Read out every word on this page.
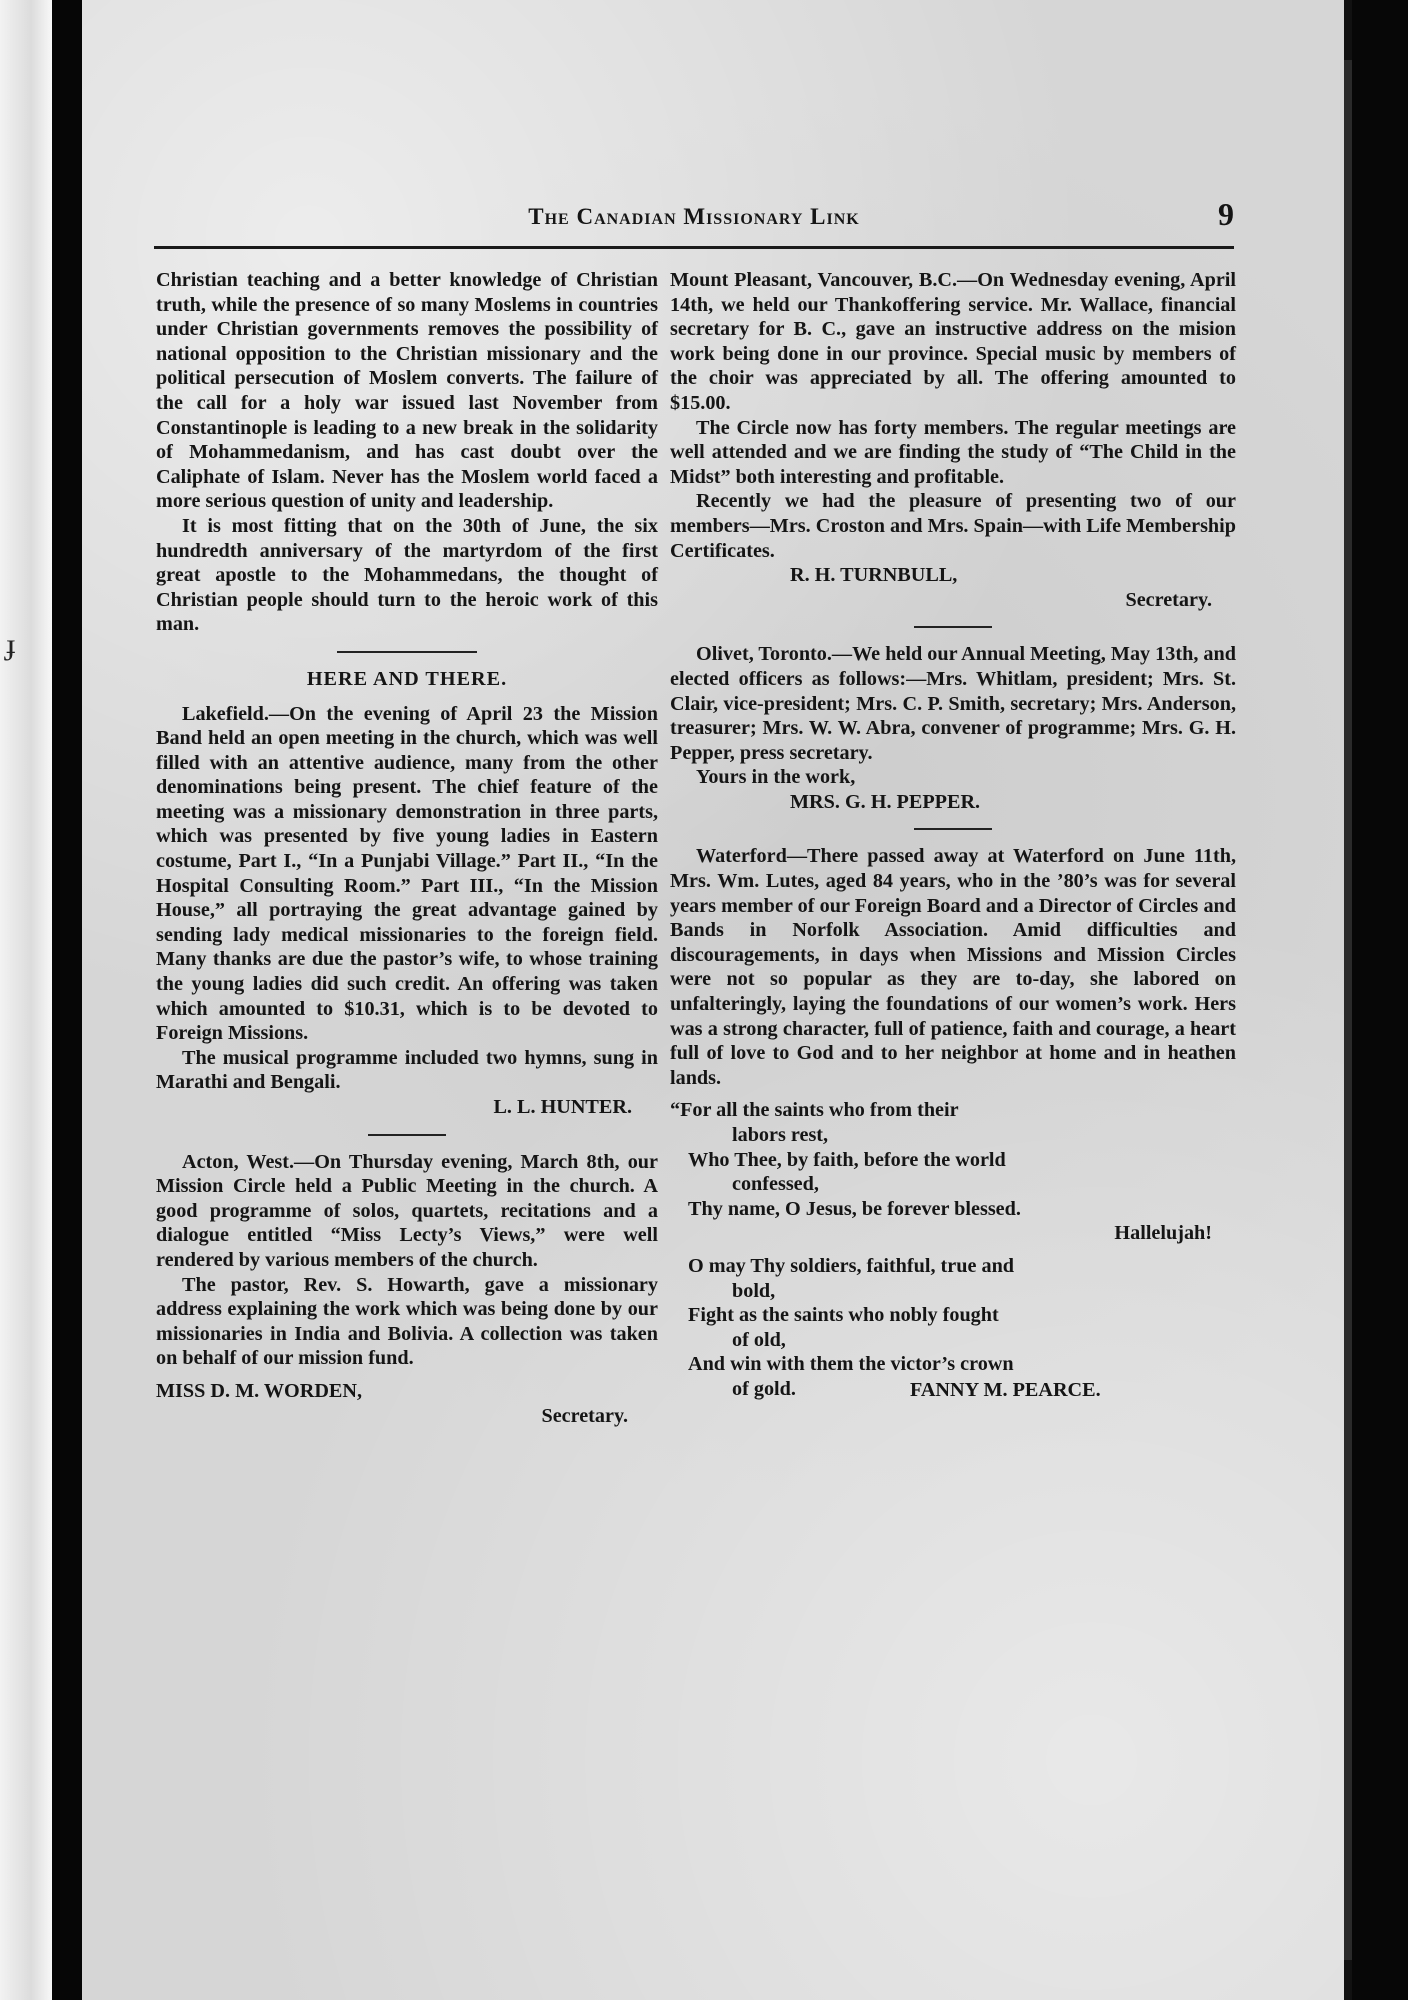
ɟ
The Canadian Missionary Link	9

Christian teaching and a better knowledge of Christian truth, while the presence of so many Moslems in countries under Christian governments removes the possibility of national opposition to the Christian missionary and the political persecution of Moslem converts. The failure of the call for a holy war issued last November from Constantinople is leading to a new break in the solidarity of Mohammedanism, and has cast doubt over the Caliphate of Islam. Never has the Moslem world faced a more serious question of unity and leadership.

It is most fitting that on the 30th of June, the six hundredth anniversary of the martyrdom of the first great apostle to the Mohammedans, the thought of Christian people should turn to the heroic work of this man.

HERE AND THERE.

Lakefield.—On the evening of April 23 the Mission Band held an open meeting in the church, which was well filled with an attentive audience, many from the other denominations being present. The chief feature of the meeting was a missionary demonstration in three parts, which was presented by five young ladies in Eastern costume, Part I., “In a Punjabi Village.” Part II., “In the Hospital Consulting Room.” Part III., “In the Mission House,” all portraying the great advantage gained by sending lady medical missionaries to the foreign field. Many thanks are due the pastor’s wife, to whose training the young ladies did such credit. An offering was taken which amounted to $10.31, which is to be devoted to Foreign Missions.

The musical programme included two hymns, sung in Marathi and Bengali.

L. L. HUNTER.

Acton, West.—On Thursday evening, March 8th, our Mission Circle held a Public Meeting in the church. A good programme of solos, quartets, recitations and a dialogue entitled “Miss Lecty’s Views,” were well rendered by various members of the church.

The pastor, Rev. S. Howarth, gave a missionary address explaining the work which was being done by our missionaries in India and Bolivia. A collection was taken on behalf of our mission fund.

MISS D. M. WORDEN,

Secretary.

Mount Pleasant, Vancouver, B.C.—On Wednesday evening, April 14th, we held our Thankoffering service. Mr. Wallace, financial secretary for B. C., gave an instructive address on the mision work being done in our province. Special music by members of the choir was appreciated by all. The offering amounted to $15.00.

The Circle now has forty members. The regular meetings are well attended and we are finding the study of “The Child in the Midst” both interesting and profitable.

Recently we had the pleasure of presenting two of our members—Mrs. Croston and Mrs. Spain—with Life Membership Certificates.

R. H. TURNBULL,

Secretary.

Olivet, Toronto.—We held our Annual Meeting, May 13th, and elected officers as follows:—Mrs. Whitlam, president; Mrs. St. Clair, vice-president; Mrs. C. P. Smith, secretary; Mrs. Anderson, treasurer; Mrs. W. W. Abra, convener of programme; Mrs. G. H. Pepper, press secretary.

Yours in the work,

MRS. G. H. PEPPER.

Waterford—There passed away at Waterford on June 11th, Mrs. Wm. Lutes, aged 84 years, who in the ’80’s was for several years member of our Foreign Board and a Director of Circles and Bands in Norfolk Association. Amid difficulties and discouragements, in days when Missions and Mission Circles were not so popular as they are to-day, she labored on unfalteringly, laying the foundations of our women’s work. Hers was a strong character, full of patience, faith and courage, a heart full of love to God and to her neighbor at home and in heathen lands.

“For all the saints who from their

labors rest,

Who Thee, by faith, before the world

confessed,

Thy name, O Jesus, be forever blessed.

Hallelujah!

O may Thy soldiers, faithful, true and

bold,

Fight as the saints who nobly fought

of old,

And win with them the victor’s crown

of gold.	FANNY M. PEARCE.
